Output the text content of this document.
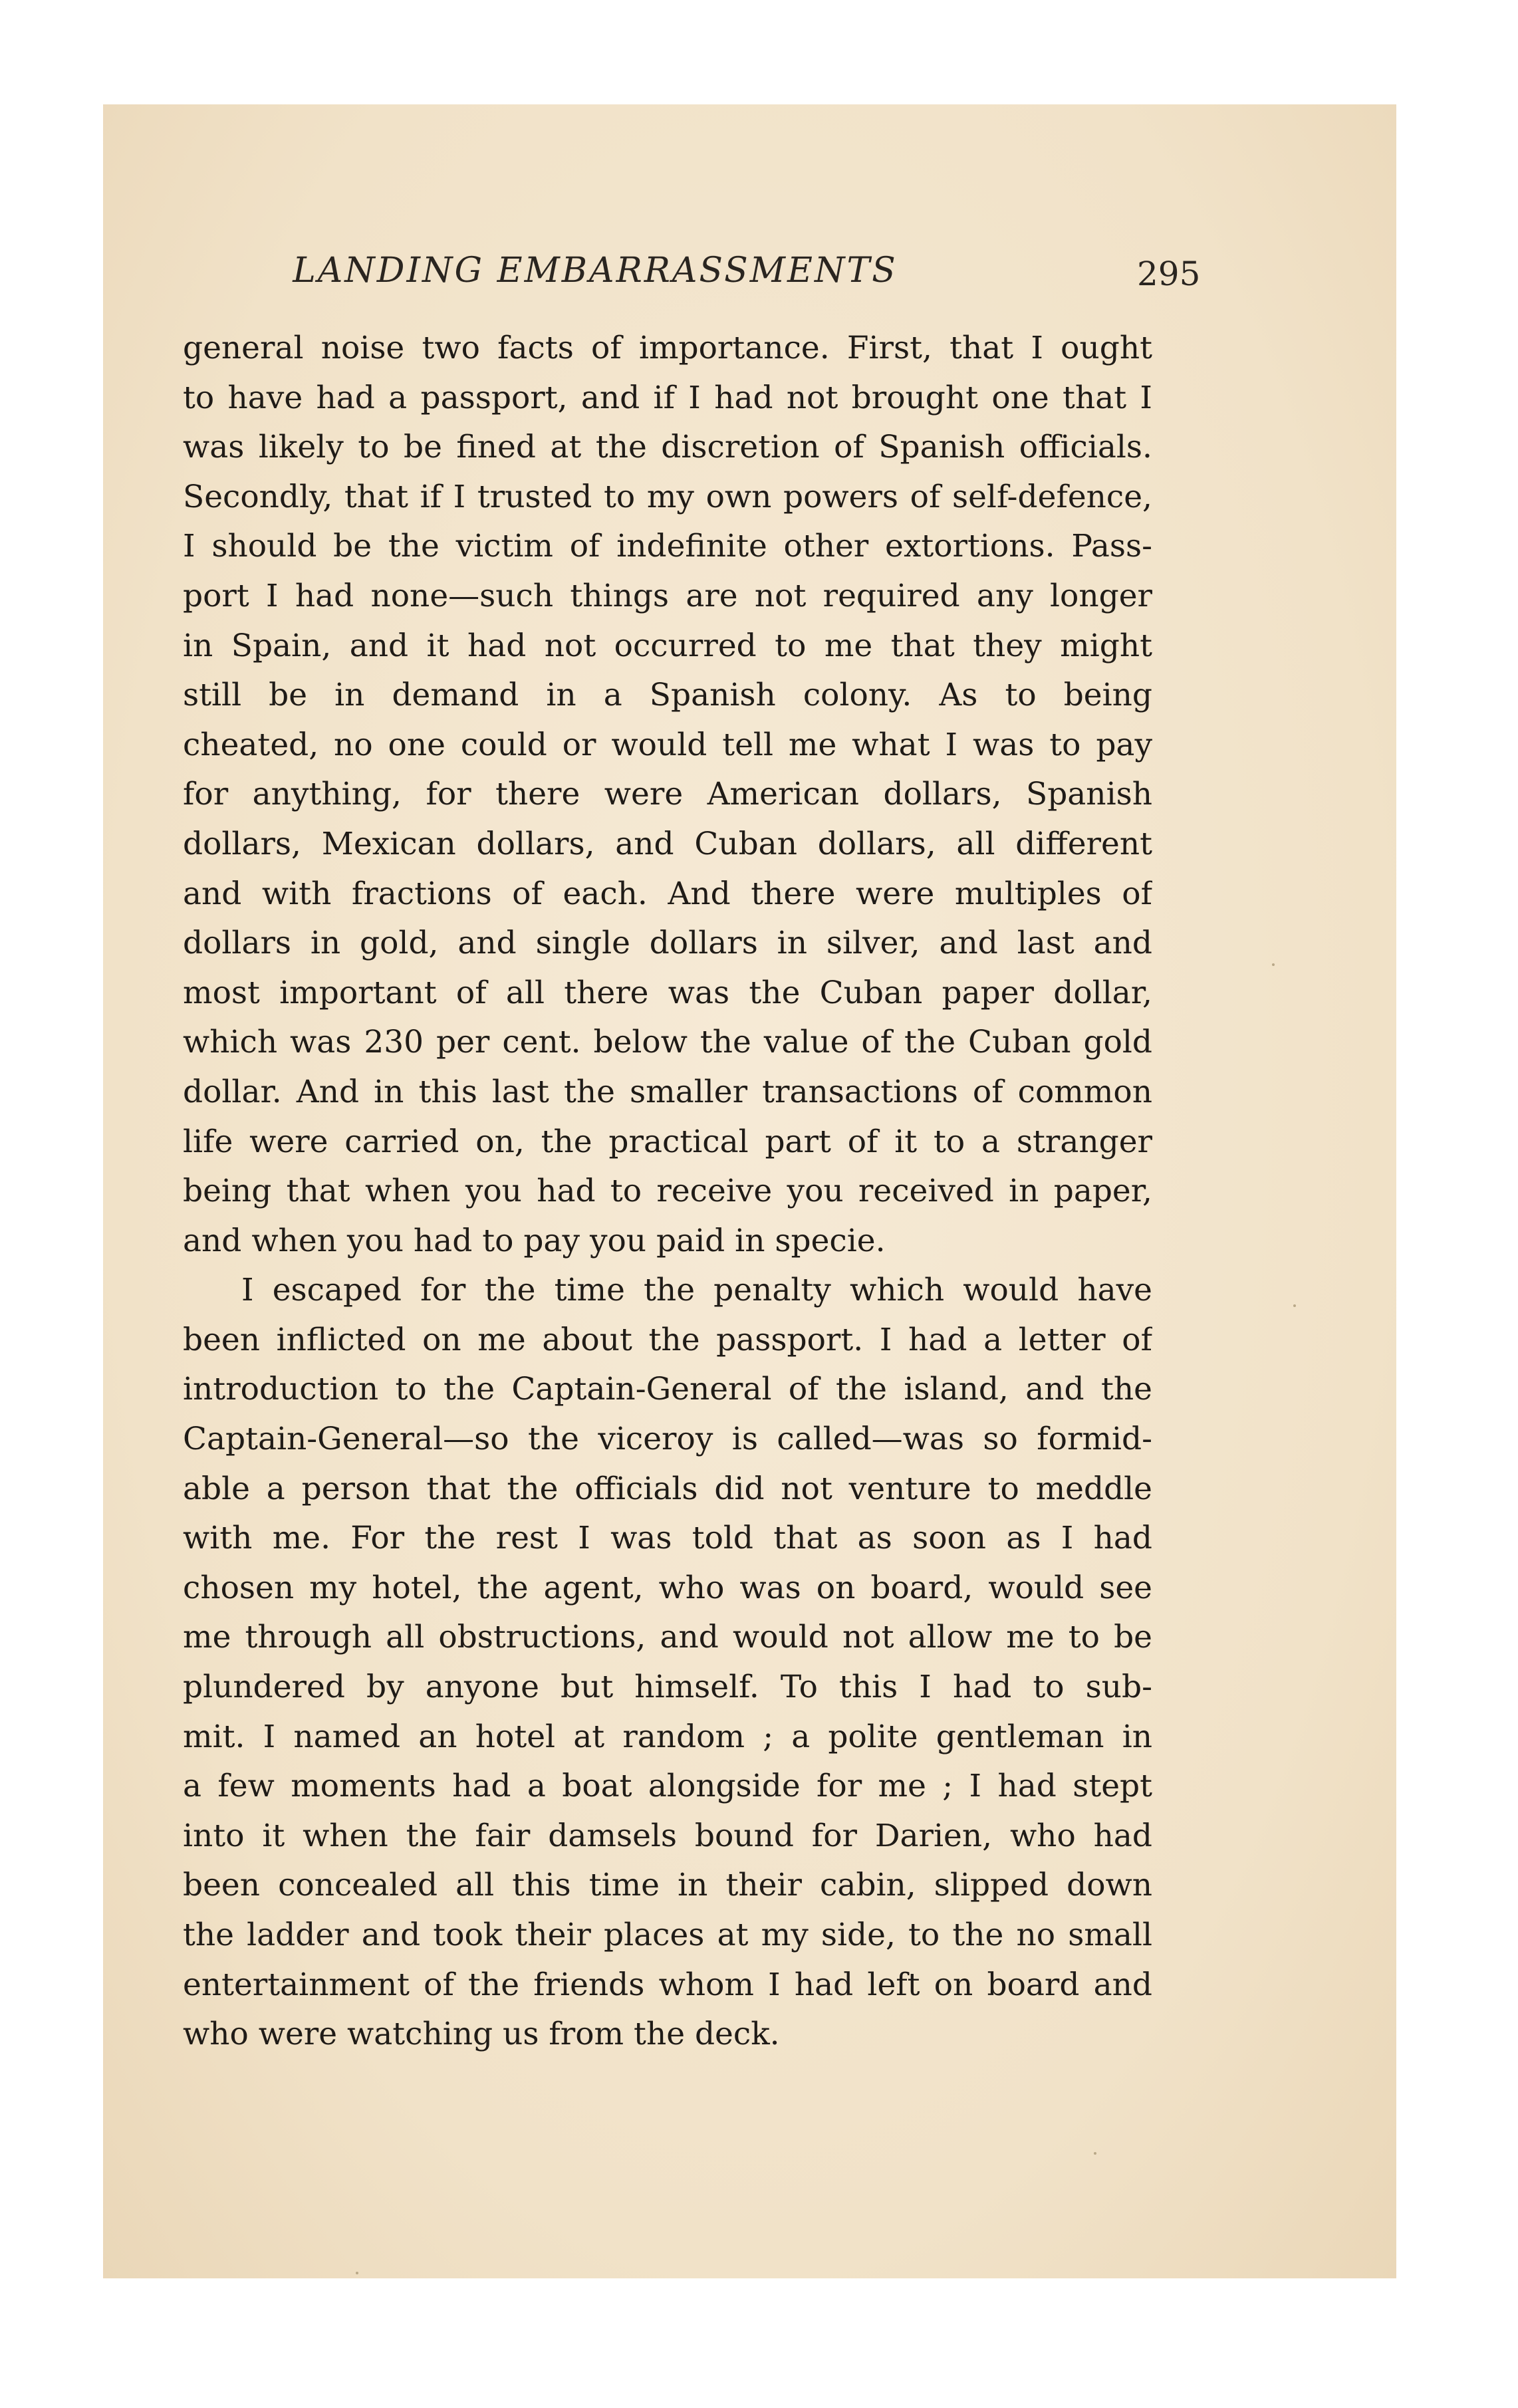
LANDING EMBARRASSMENTS	295
general noise two facts of importance. First, that I ought
to have had a passport, and if I had not brought one that I
was likely to be fined at the discretion of Spanish officials.
Secondly, that if I trusted to my own powers of self-defence,
I should be the victim of indefinite other extortions. Pass-
port I had none—such things are not required any longer
in Spain, and it had not occurred to me that they might
still be in demand in a Spanish colony. As to being
cheated, no one could or would tell me what I was to pay
for anything, for there were American dollars, Spanish
dollars, Mexican dollars, and Cuban dollars, all different
and with fractions of each. And there were multiples of
dollars in gold, and single dollars in silver, and last and
most important of all there was the Cuban paper dollar,
which was 230 per cent. below the value of the Cuban gold
dollar. And in this last the smaller transactions of common
life were carried on, the practical part of it to a stranger
being that when you had to receive you received in paper,
and when you had to pay you paid in specie.
I escaped for the time the penalty which would have
been inflicted on me about the passport. I had a letter of
introduction to the Captain-General of the island, and the
Captain-General—so the viceroy is called—was so formid-
able a person that the officials did not venture to meddle
with me. For the rest I was told that as soon as I had
chosen my hotel, the agent, who was on board, would see
me through all obstructions, and would not allow me to be
plundered by anyone but himself. To this I had to sub-
mit. I named an hotel at random ; a polite gentleman in
a few moments had a boat alongside for me ; I had stept
into it when the fair damsels bound for Darien, who had
been concealed all this time in their cabin, slipped down
the ladder and took their places at my side, to the no small
entertainment of the friends whom I had left on board and
who were watching us from the deck.
